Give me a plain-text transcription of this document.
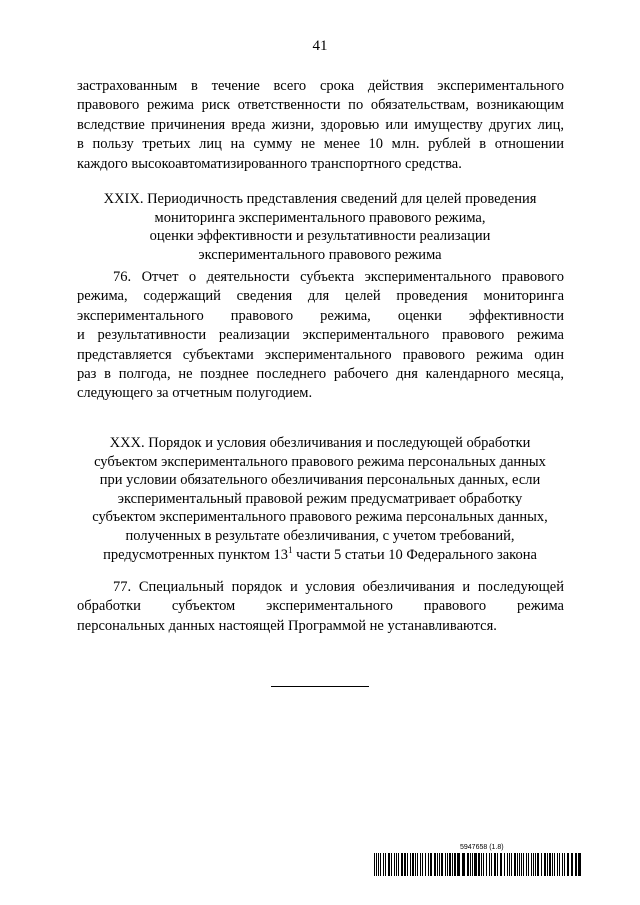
41
застрахованным в течение всего срока действия экспериментального
правового режима риск ответственности по обязательствам, возникающим
вследствие причинения вреда жизни, здоровью или имуществу других лиц,
в пользу третьих лиц на сумму не менее 10 млн. рублей в отношении
каждого высокоавтоматизированного транспортного средства.
XXIX. Периодичность представления сведений для целей проведения
мониторинга экспериментального правового режима,
оценки эффективности и результативности реализации
экспериментального правового режима
76. Отчет о деятельности субъекта экспериментального правового
режима, содержащий сведения для целей проведения мониторинга
экспериментального правового режима, оценки эффективности
и результативности реализации экспериментального правового режима
представляется субъектами экспериментального правового режима один
раз в полгода, не позднее последнего рабочего дня календарного месяца,
следующего за отчетным полугодием.
XXX. Порядок и условия обезличивания и последующей обработки
субъектом экспериментального правового режима персональных данных
при условии обязательного обезличивания персональных данных, если
экспериментальный правовой режим предусматривает обработку
субъектом экспериментального правового режима персональных данных,
полученных в результате обезличивания, с учетом требований,
предусмотренных пунктом $13^1$ части 5 статьи 10 Федерального закона
77. Специальный порядок и условия обезличивания и последующей
обработки субъектом экспериментального правового режима
персональных данных настоящей Программой не устанавливаются.
5947658 (1.8)
